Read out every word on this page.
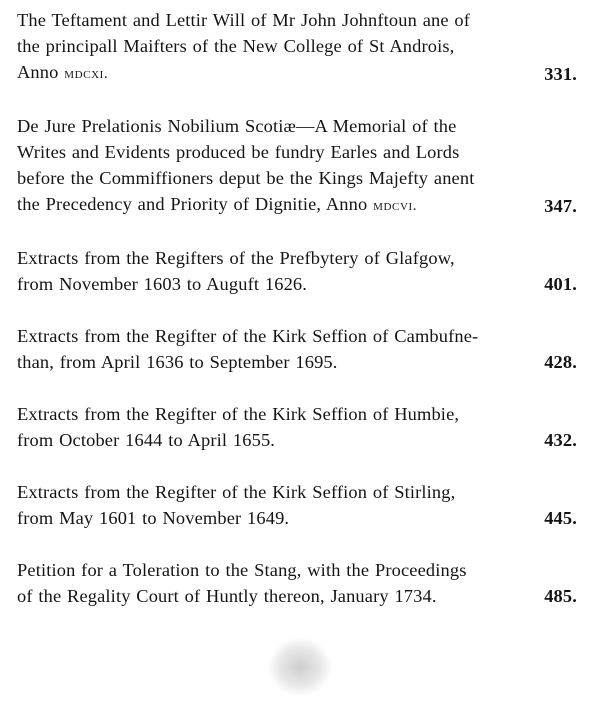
The Teftament and Lettir Will of Mr John Johnftoun ane of
the principall Maifters of the New College of St Androis,
Anno mdcxi.	331.
De Jure Prelationis Nobilium Scotiæ—A Memorial of the
Writes and Evidents produced be fundry Earles and Lords
before the Commiffioners deput be the Kings Majefty anent
the Precedency and Priority of Dignitie, Anno mdcvi.	347.
Extracts from the Regifters of the Prefbytery of Glafgow,
from November 1603 to Auguft 1626.	401.
Extracts from the Regifter of the Kirk Seffion of Cambufne-
than, from April 1636 to September 1695.	428.
Extracts from the Regifter of the Kirk Seffion of Humbie,
from October 1644 to April 1655.	432.
Extracts from the Regifter of the Kirk Seffion of Stirling,
from May 1601 to November 1649.	445.
Petition for a Toleration to the Stang, with the Proceedings
of the Regality Court of Huntly thereon, January 1734.	485.
